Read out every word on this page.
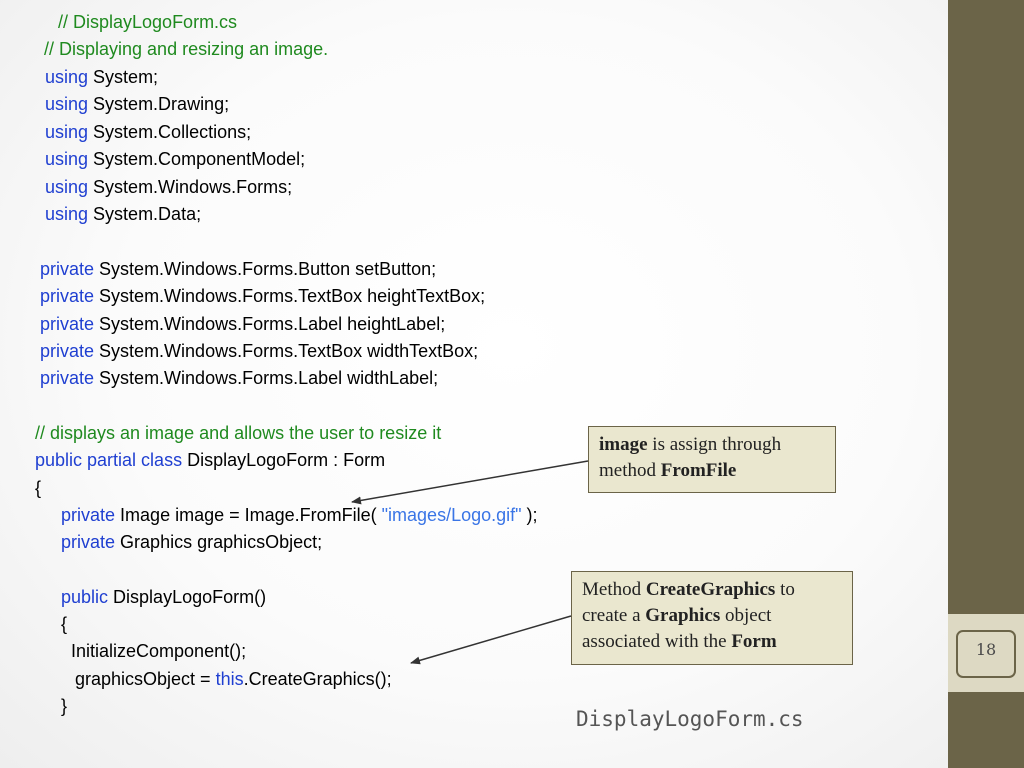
18

// DisplayLogoForm.cs

// Displaying and resizing an image.

using System;

using System.Drawing;

using System.Collections;

using System.ComponentModel;

using System.Windows.Forms;

using System.Data;

private System.Windows.Forms.Button setButton;

private System.Windows.Forms.TextBox heightTextBox;

private System.Windows.Forms.Label heightLabel;

private System.Windows.Forms.TextBox widthTextBox;

private System.Windows.Forms.Label widthLabel;

// displays an image and allows the user to resize it

public partial class DisplayLogoForm : Form

{

private Image image = Image.FromFile( "images/Logo.gif" );

private Graphics graphicsObject;

public DisplayLogoForm()

{

InitializeComponent();

graphicsObject = this.CreateGraphics();

}

image is assign through method FromFile
Method CreateGraphics to create a Graphics object associated with the Form

DisplayLogoForm.cs
